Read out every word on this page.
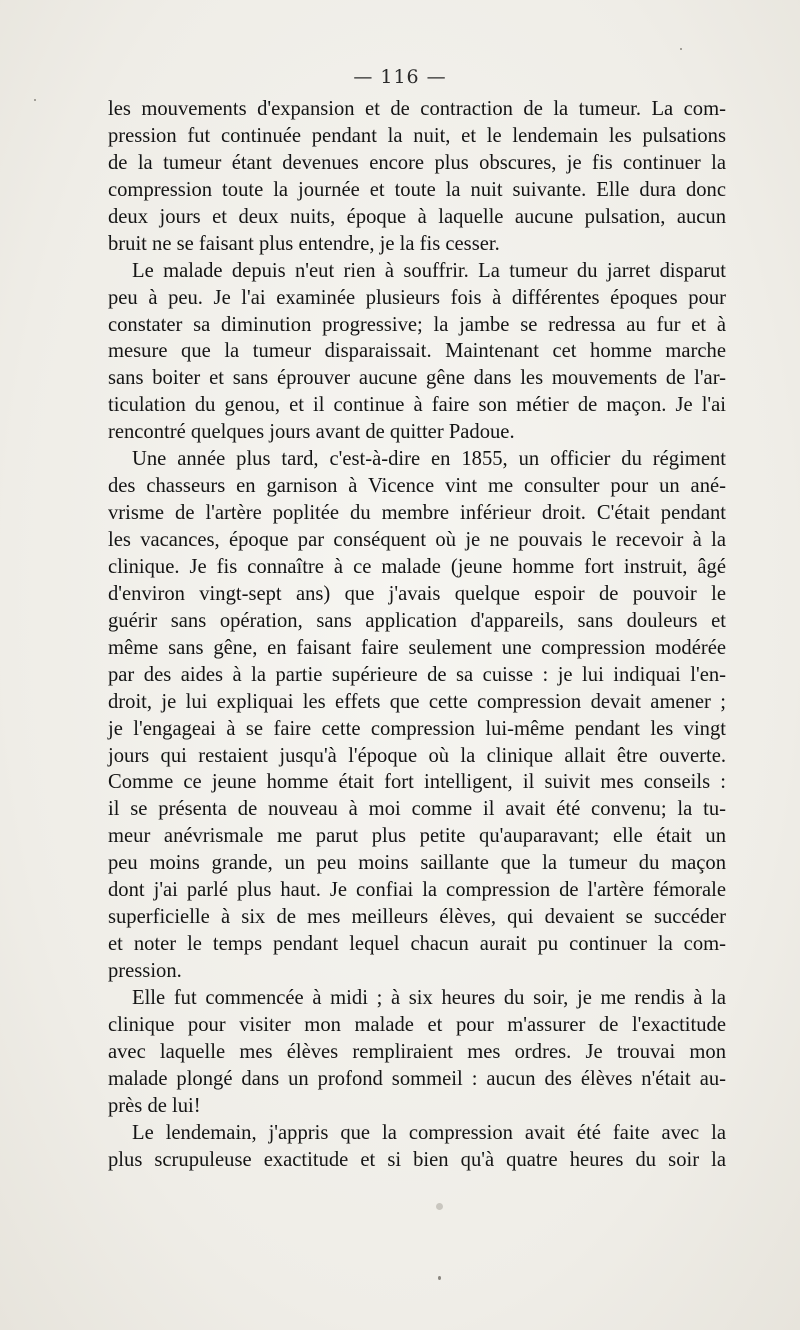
— 116 —
les mouvements d'expansion et de contraction de la tumeur. La com-
pression fut continuée pendant la nuit, et le lendemain les pulsations
de la tumeur étant devenues encore plus obscures, je fis continuer la
compression toute la journée et toute la nuit suivante. Elle dura donc
deux jours et deux nuits, époque à laquelle aucune pulsation, aucun
bruit ne se faisant plus entendre, je la fis cesser.
Le malade depuis n'eut rien à souffrir. La tumeur du jarret disparut
peu à peu. Je l'ai examinée plusieurs fois à différentes époques pour
constater sa diminution progressive; la jambe se redressa au fur et à
mesure que la tumeur disparaissait. Maintenant cet homme marche
sans boiter et sans éprouver aucune gêne dans les mouvements de l'ar-
ticulation du genou, et il continue à faire son métier de maçon. Je l'ai
rencontré quelques jours avant de quitter Padoue.
Une année plus tard, c'est-à-dire en 1855, un officier du régiment
des chasseurs en garnison à Vicence vint me consulter pour un ané-
vrisme de l'artère poplitée du membre inférieur droit. C'était pendant
les vacances, époque par conséquent où je ne pouvais le recevoir à la
clinique. Je fis connaître à ce malade (jeune homme fort instruit, âgé
d'environ vingt-sept ans) que j'avais quelque espoir de pouvoir le
guérir sans opération, sans application d'appareils, sans douleurs et
même sans gêne, en faisant faire seulement une compression modérée
par des aides à la partie supérieure de sa cuisse : je lui indiquai l'en-
droit, je lui expliquai les effets que cette compression devait amener ;
je l'engageai à se faire cette compression lui-même pendant les vingt
jours qui restaient jusqu'à l'époque où la clinique allait être ouverte.
Comme ce jeune homme était fort intelligent, il suivit mes conseils :
il se présenta de nouveau à moi comme il avait été convenu; la tu-
meur anévrismale me parut plus petite qu'auparavant; elle était un
peu moins grande, un peu moins saillante que la tumeur du maçon
dont j'ai parlé plus haut. Je confiai la compression de l'artère fémorale
superficielle à six de mes meilleurs élèves, qui devaient se succéder
et noter le temps pendant lequel chacun aurait pu continuer la com-
pression.
Elle fut commencée à midi ; à six heures du soir, je me rendis à la
clinique pour visiter mon malade et pour m'assurer de l'exactitude
avec laquelle mes élèves rempliraient mes ordres. Je trouvai mon
malade plongé dans un profond sommeil : aucun des élèves n'était au-
près de lui!
Le lendemain, j'appris que la compression avait été faite avec la
plus scrupuleuse exactitude et si bien qu'à quatre heures du soir la
